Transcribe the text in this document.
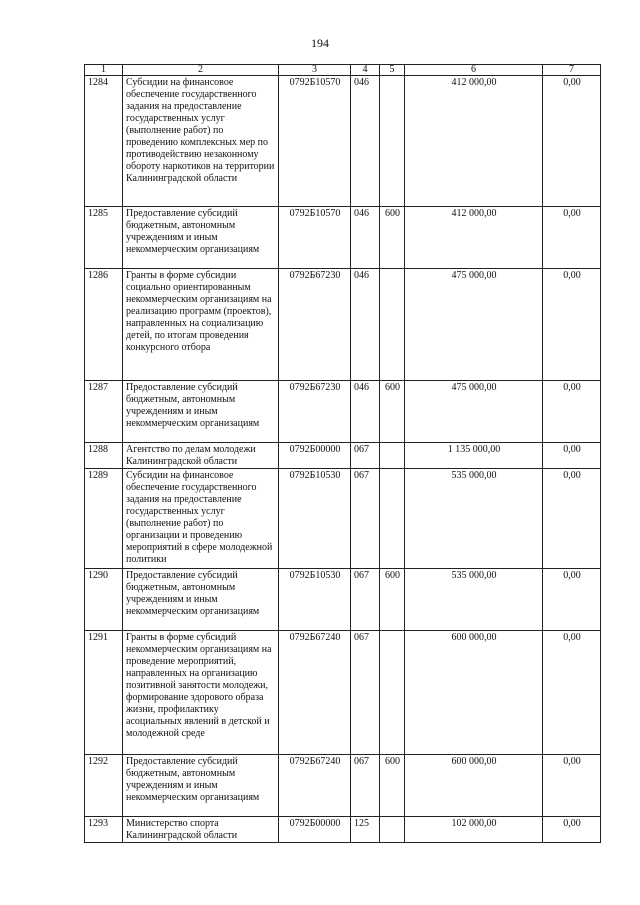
194
1	2	3	4	5	6	7
1284	Субсидии на финансовое обеспечение государственного задания на предоставление государственных услуг (выполнение работ) по проведению комплексных мер по противодействию незаконному обороту наркотиков на территории Калининградской области	0792Б10570	046		412 000,00	0,00
1285	Предоставление субсидий бюджетным, автономным учреждениям и иным некоммерческим организациям	0792Б10570	046	600	412 000,00	0,00
1286	Гранты в форме субсидии социально ориентированным некоммерческим организациям на реализацию программ (проектов), направленных на социализацию детей, по итогам проведения конкурсного отбора	0792Б67230	046		475 000,00	0,00
1287	Предоставление субсидий бюджетным, автономным учреждениям и иным некоммерческим организациям	0792Б67230	046	600	475 000,00	0,00
1288	Агентство по делам молодежи Калининградской области	0792Б00000	067		1 135 000,00	0,00
1289	Субсидии на финансовое обеспечение государственного задания на предоставление государственных услуг (выполнение работ) по организации и проведению мероприятий в сфере молодежной политики	0792Б10530	067		535 000,00	0,00
1290	Предоставление субсидий бюджетным, автономным учреждениям и иным некоммерческим организациям	0792Б10530	067	600	535 000,00	0,00
1291	Гранты в форме субсидий некоммерческим организациям на проведение мероприятий, направленных на организацию позитивной занятости молодежи, формирование здорового образа жизни, профилактику асоциальных явлений в детской и молодежной среде	0792Б67240	067		600 000,00	0,00
1292	Предоставление субсидий бюджетным, автономным учреждениям и иным некоммерческим организациям	0792Б67240	067	600	600 000,00	0,00
1293	Министерство спорта Калининградской области	0792Б00000	125		102 000,00	0,00
